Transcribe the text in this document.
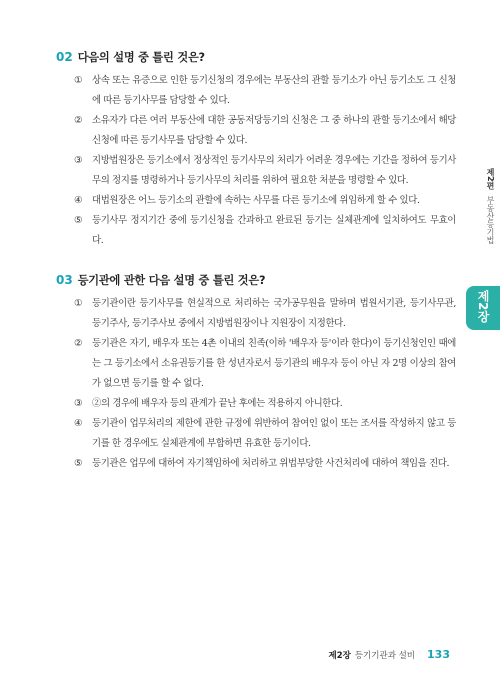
02 다음의 설명 중 틀린 것은?
① 상속 또는 유증으로 인한 등기신청의 경우에는 부동산의 관할 등기소가 아닌 등기소도 그 신청에 따른 등기사무를 담당할 수 있다.
② 소유자가 다른 여러 부동산에 대한 공동저당등기의 신청은 그 중 하나의 관할 등기소에서 해당 신청에 따른 등기사무를 담당할 수 있다.
③ 지방법원장은 등기소에서 정상적인 등기사무의 처리가 어려운 경우에는 기간을 정하여 등기사무의 정지를 명령하거나 등기사무의 처리를 위하여 필요한 처분을 명령할 수 있다.
④ 대법원장은 어느 등기소의 관할에 속하는 사무를 다른 등기소에 위임하게 할 수 있다.
⑤ 등기사무 정지기간 중에 등기신청을 간과하고 완료된 등기는 실체관계에 일치하여도 무효이다.
03 등기관에 관한 다음 설명 중 틀린 것은?
① 등기관이란 등기사무를 현실적으로 처리하는 국가공무원을 말하며 법원서기관, 등기사무관, 등기주사, 등기주사보 중에서 지방법원장이나 지원장이 지정한다.
② 등기관은 자기, 배우자 또는 4촌 이내의 친족(이하 '배우자 등'이라 한다)이 등기신청인인 때에는 그 등기소에서 소유권등기를 한 성년자로서 등기관의 배우자 등이 아닌 자 2명 이상의 참여가 없으면 등기를 할 수 없다.
③ ②의 경우에 배우자 등의 관계가 끝난 후에는 적용하지 아니한다.
④ 등기관이 업무처리의 제한에 관한 규정에 위반하여 참여인 없이 또는 조서를 작성하지 않고 등기를 한 경우에도 실체관계에 부합하면 유효한 등기이다.
⑤ 등기관은 업무에 대하여 자기책임하에 처리하고 위법부당한 사건처리에 대하여 책임을 진다.
제2편 부동산등기법
제2장
제2장 등기기관과 설비 133
